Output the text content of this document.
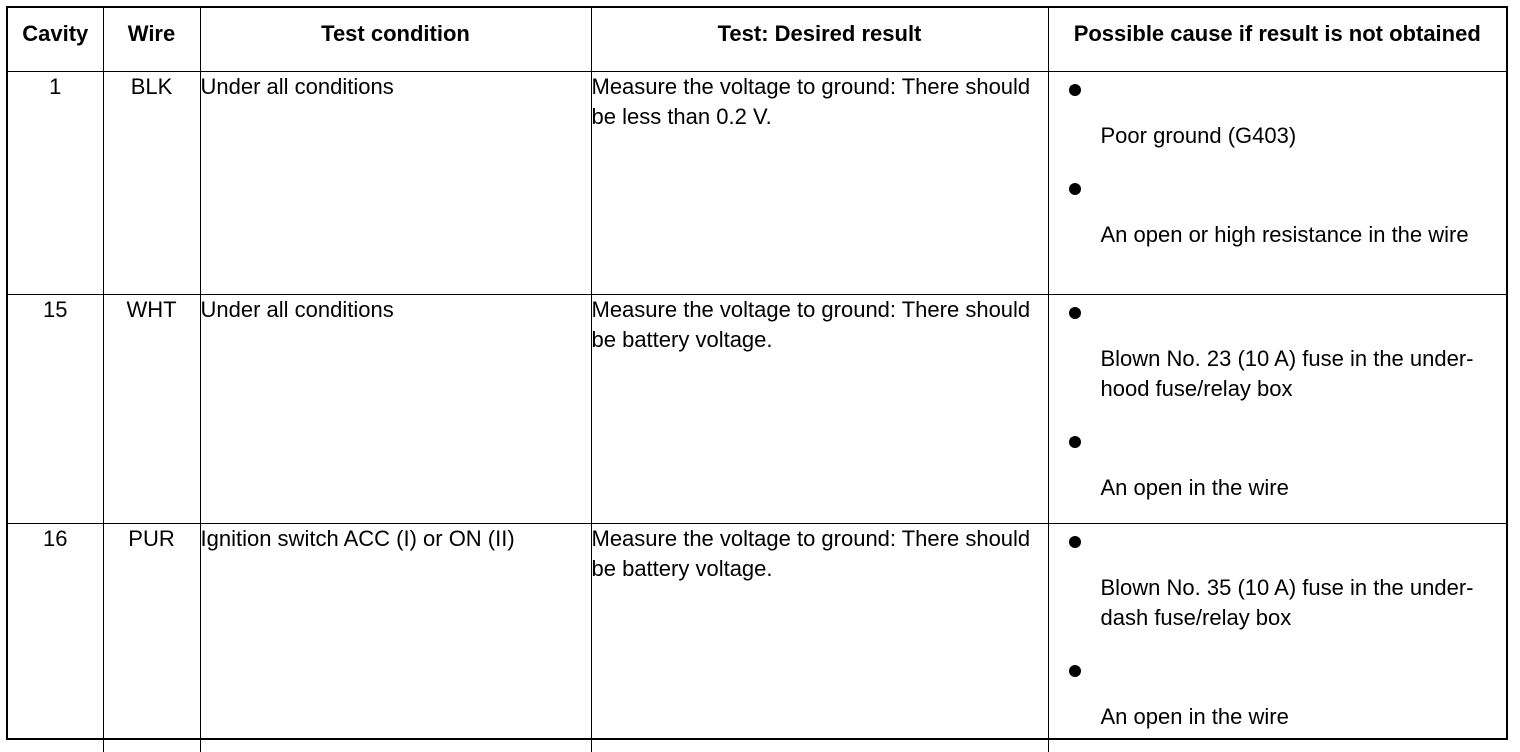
Cavity	Wire	Test condition	Test: Desired result	Possible cause if result is not obtained
1	BLK	Under all conditions	Measure the voltage to ground: There should be less than 0.2 V.	Poor ground (G403)
An open or high resistance in the wire

15	WHT	Under all conditions	Measure the voltage to ground: There should be battery voltage.	Blown No. 23 (10 A) fuse in the under-hood fuse/relay box
An open in the wire

16	PUR	Ignition switch ACC (I) or ON (II)	Measure the voltage to ground: There should be battery voltage.	Blown No. 35 (10 A) fuse in the under-dash fuse/relay box
An open in the wire
